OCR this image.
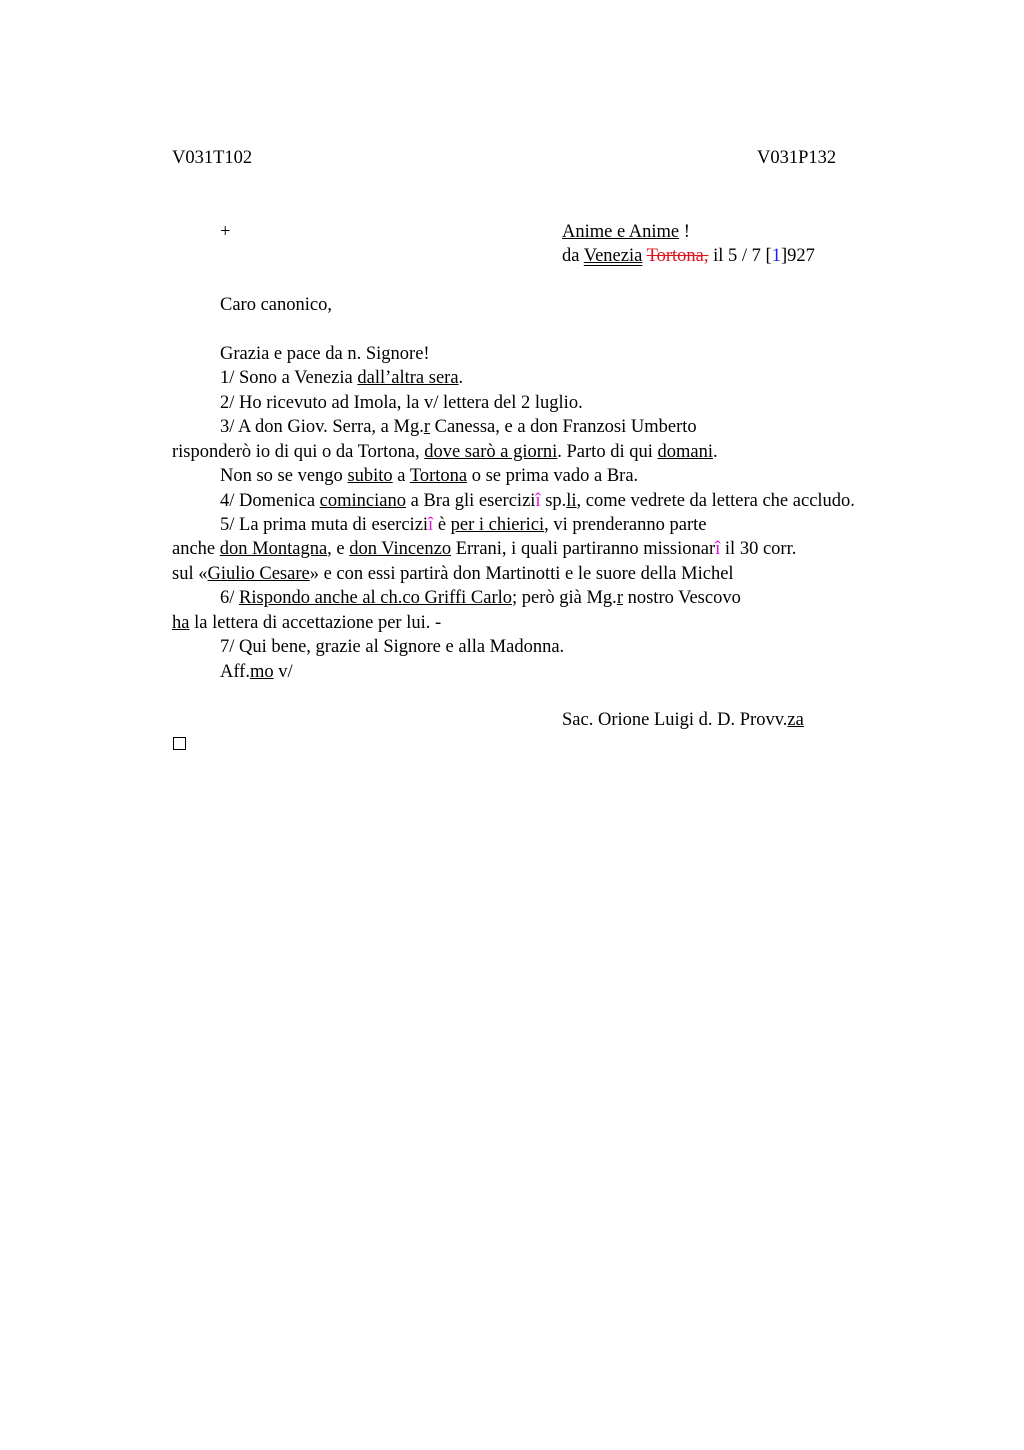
V031T102	V031P132
+	Anime e Anime !
da Venezia Tortona, il 5 / 7 [1]927
Caro canonico,
Grazia e pace da n. Signore!
1/ Sono a Venezia dall’altra sera.
2/ Ho ricevuto ad Imola, la v/ lettera del 2 luglio.
3/ A don Giov. Serra, a Mg.r Canessa, e a don Franzosi Umberto
risponderò io di qui o da Tortona, dove sarò a giorni. Parto di qui domani.
Non so se vengo subito a Tortona o se prima vado a Bra.
4/ Domenica cominciano a Bra gli eserciziî sp.li, come vedrete da lettera che accludo.
5/ La prima muta di eserciziî è per i chierici, vi prenderanno parte
anche don Montagna, e don Vincenzo Errani, i quali partiranno missionarî il 30 corr.
sul «Giulio Cesare» e con essi partirà don Martinotti e le suore della Michel
6/ Rispondo anche al ch.co Griffi Carlo; però già Mg.r nostro Vescovo
ha la lettera di accettazione per lui. -
7/ Qui bene, grazie al Signore e alla Madonna.
Aff.mo v/
Sac. Orione Luigi d. D. Provv.za
